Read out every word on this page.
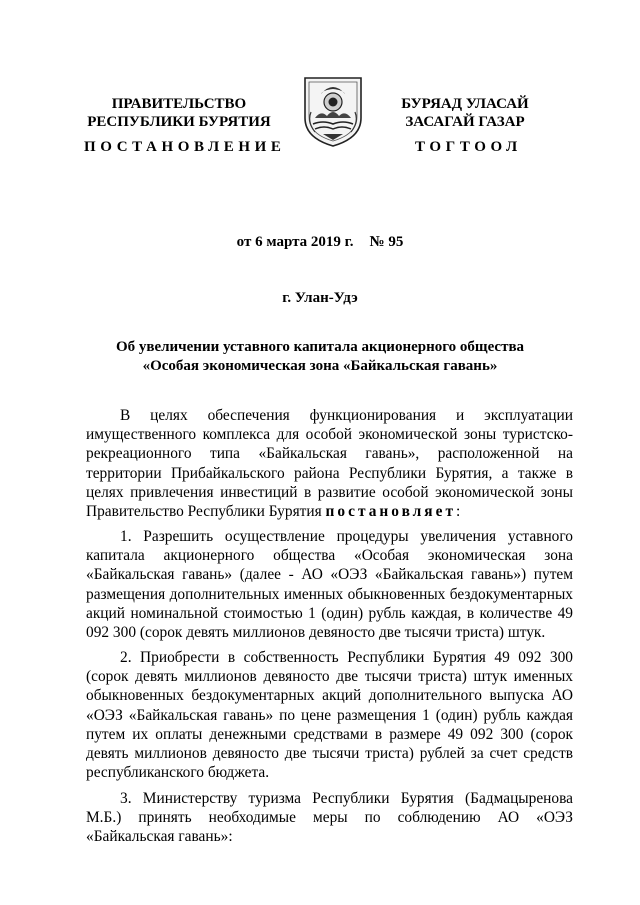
ПРАВИТЕЛЬСТВО
РЕСПУБЛИКИ БУРЯТИЯ
БУРЯАД УЛАСАЙ
ЗАСАГАЙ ГАЗАР
ПОСТАНОВЛЕНИЕ	ТОГТООЛ
от 6 марта 2019 г. № 95
г. Улан-Удэ
Об увеличении уставного капитала акционерного общества
«Особая экономическая зона «Байкальская гавань»
В целях обеспечения функционирования и эксплуатации имущественного комплекса для особой экономической зоны туристско-рекреационного типа «Байкальская гавань», расположенной на территории Прибайкальского района Республики Бурятия, а также в целях привлечения инвестиций в развитие особой экономической зоны Правительство Республики Бурятия постановляет:
1. Разрешить осуществление процедуры увеличения уставного капитала акционерного общества «Особая экономическая зона «Байкальская гавань» (далее - АО «ОЭЗ «Байкальская гавань») путем размещения дополнительных именных обыкновенных бездокументарных акций номинальной стоимостью 1 (один) рубль каждая, в количестве 49 092 300 (сорок девять миллионов девяносто две тысячи триста) штук.
2. Приобрести в собственность Республики Бурятия 49 092 300 (сорок девять миллионов девяносто две тысячи триста) штук именных обыкновенных бездокументарных акций дополнительного выпуска АО «ОЭЗ «Байкальская гавань» по цене размещения 1 (один) рубль каждая путем их оплаты денежными средствами в размере 49 092 300 (сорок девять миллионов девяносто две тысячи триста) рублей за счет средств республиканского бюджета.
3. Министерству туризма Республики Бурятия (Бадмацыренова М.Б.) принять необходимые меры по соблюдению АО «ОЭЗ «Байкальская гавань»:
